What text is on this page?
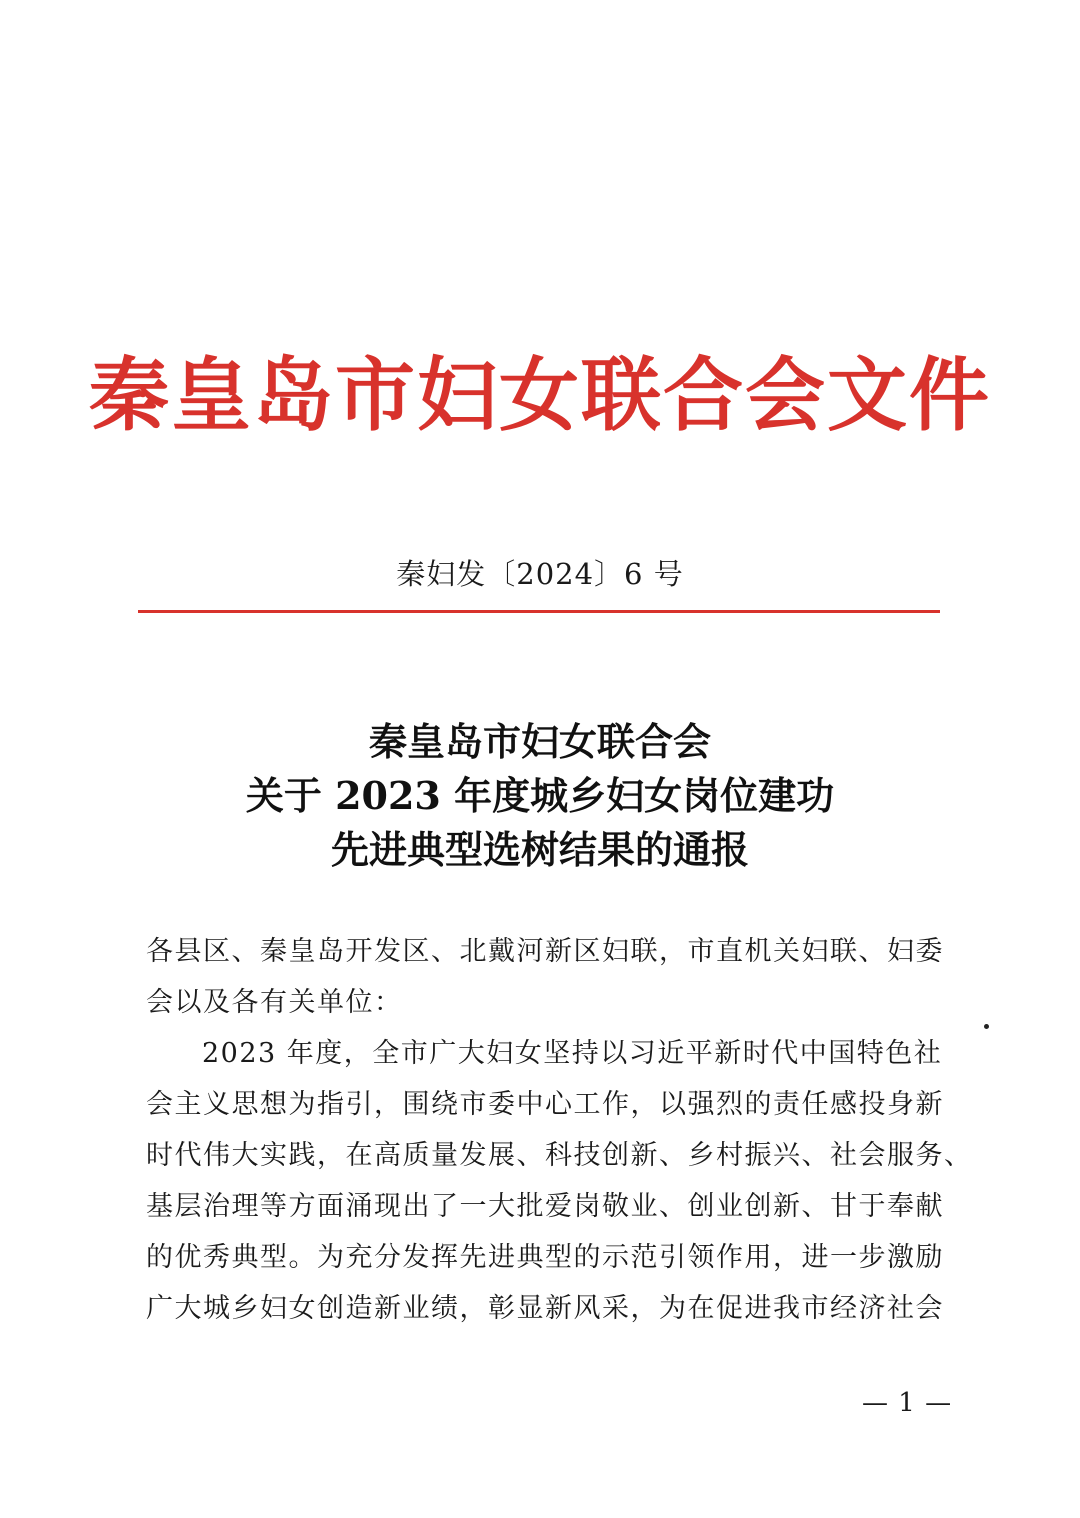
秦皇岛市妇女联合会文件
秦妇发〔2024〕6 号
秦皇岛市妇女联合会
关于 2023 年度城乡妇女岗位建功
先进典型选树结果的通报
各县区、秦皇岛开发区、北戴河新区妇联，市直机关妇联、妇委
会以及各有关单位：
2023 年度，全市广大妇女坚持以习近平新时代中国特色社
会主义思想为指引，围绕市委中心工作，以强烈的责任感投身新
时代伟大实践，在高质量发展、科技创新、乡村振兴、社会服务、
基层治理等方面涌现出了一大批爱岗敬业、创业创新、甘于奉献
的优秀典型。为充分发挥先进典型的示范引领作用，进一步激励
广大城乡妇女创造新业绩，彰显新风采，为在促进我市经济社会
— 1 —
